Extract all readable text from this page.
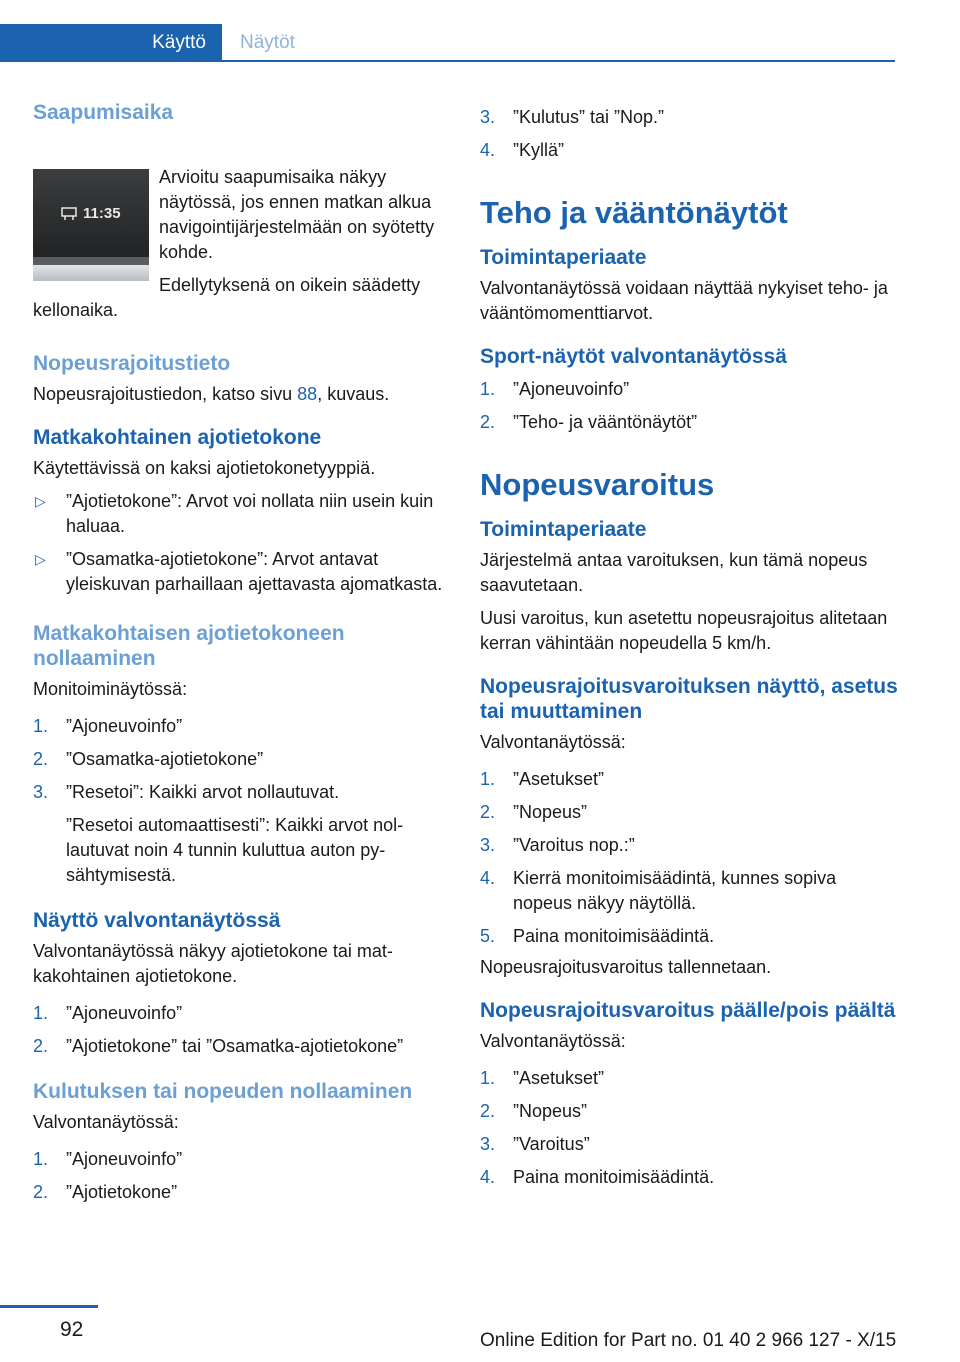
Käyttö Näytöt
Saapumisaika
11:35

Arvioitu saapumisaika näkyy näytössä, jos ennen matkan alkua navigointijärjestelmään on syötetty kohde.

Edellytyksenä on oikein säädetty kellonaika.

Nopeusrajoitustieto

Nopeusrajoitustiedon, katso sivu 88, kuvaus.

Matkakohtainen ajotietokone

Käytettävissä on kaksi ajotietokonetyyppiä.

▷ ”Ajotietokone”: Arvot voi nollata niin usein kuin haluaa.
▷ ”Osamatka-ajotietokone”: Arvot antavat yleiskuvan parhaillaan ajettavasta ajomatkasta.
Matkakohtaisen ajotietokoneen nollaaminen

Monitoiminäytössä:

1. ”Ajoneuvoinfo”
2. ”Osamatka-ajotietokone”
3. ”Resetoi”: Kaikki arvot nollautuvat.
”Resetoi automaattisesti”: Kaikki arvot nollautuvat noin 4 tunnin kuluttua auton pysähtymisestä.
Näyttö valvontanäytössä

Valvontanäytössä näkyy ajotietokone tai matkakohtainen ajotietokone.

1. ”Ajoneuvoinfo”
2. ”Ajotietokone” tai ”Osamatka-ajotietokone”
Kulutuksen tai nopeuden nollaaminen

Valvontanäytössä:

1. ”Ajoneuvoinfo”
2. ”Ajotietokone”
3. ”Kulutus” tai ”Nop.”
4. ”Kyllä”
Teho ja vääntönäytöt
Toimintaperiaate

Valvontanäytössä voidaan näyttää nykyiset teho- ja vääntömomenttiarvot.

Sport-näytöt valvontanäytössä
1. ”Ajoneuvoinfo”
2. ”Teho- ja vääntönäytöt”
Nopeusvaroitus
Toimintaperiaate

Järjestelmä antaa varoituksen, kun tämä nopeus saavutetaan.

Uusi varoitus, kun asetettu nopeusrajoitus alitetaan kerran vähintään nopeudella 5 km/h.

Nopeusrajoitusvaroituksen näyttö, asetus tai muuttaminen

Valvontanäytössä:

1. ”Asetukset”
2. ”Nopeus”
3. ”Varoitus nop.:”
4. Kierrä monitoimisäädintä, kunnes sopiva nopeus näkyy näytöllä.
5. Paina monitoimisäädintä.

Nopeusrajoitusvaroitus tallennetaan.

Nopeusrajoitusvaroitus päälle/pois päältä

Valvontanäytössä:

1. ”Asetukset”
2. ”Nopeus”
3. ”Varoitus”
4. Paina monitoimisäädintä.
92	Online Edition for Part no. 01 40 2 966 127 - X/15
